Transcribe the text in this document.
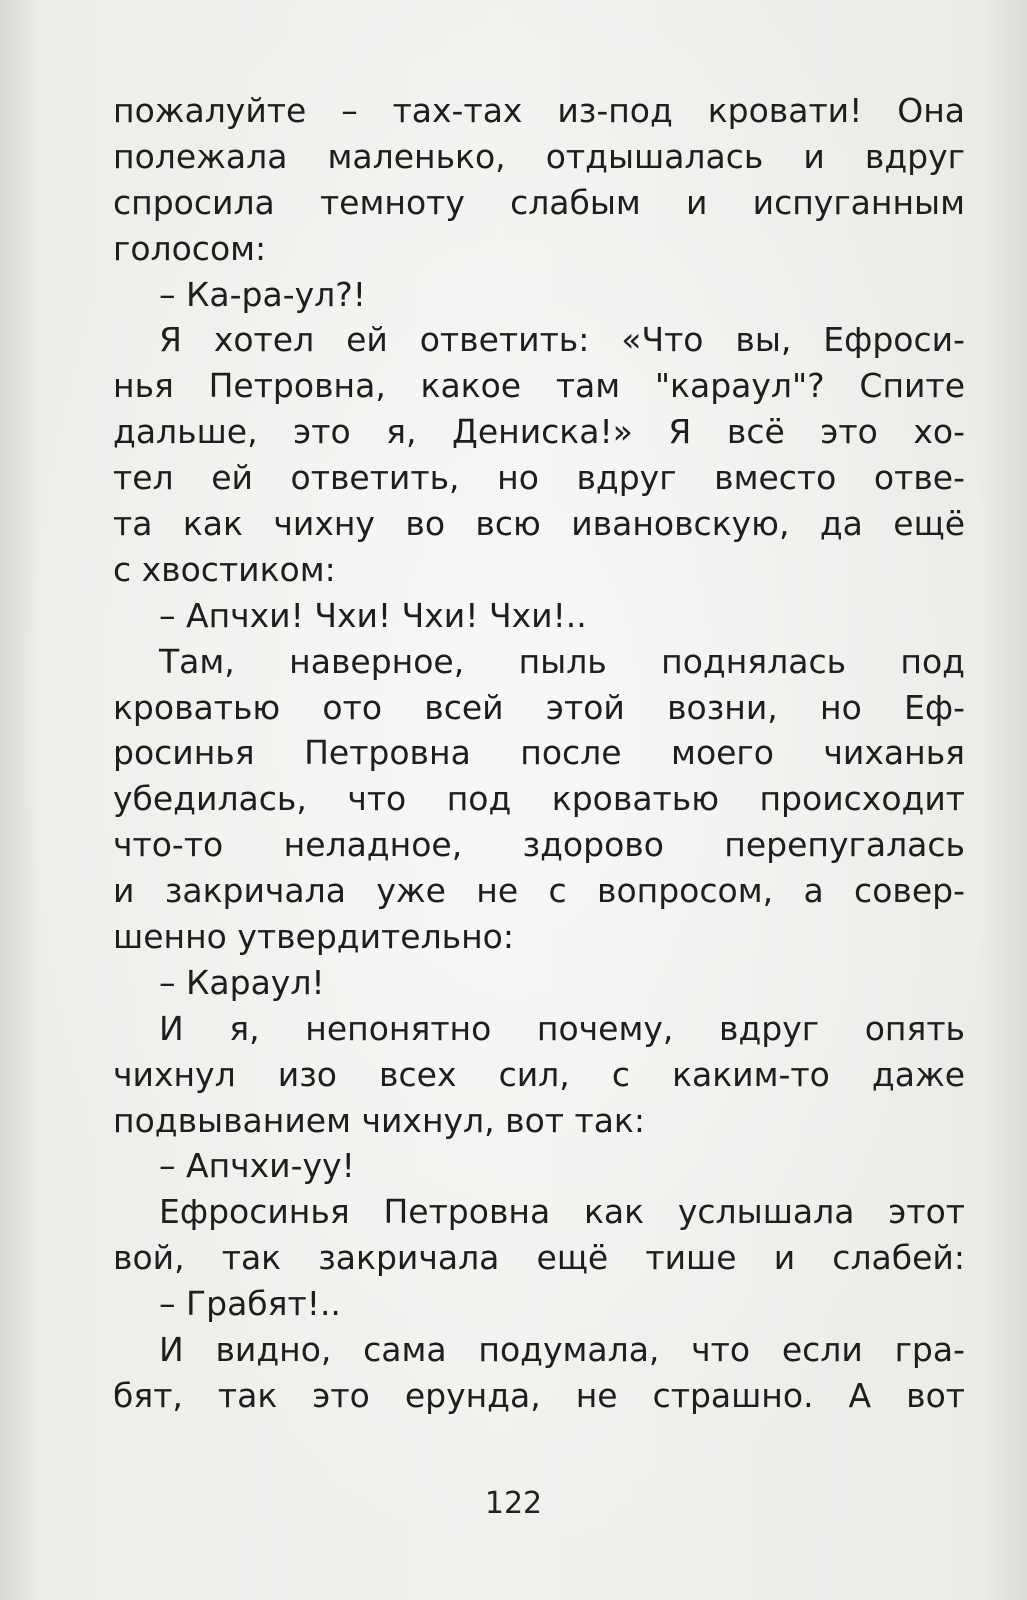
пожалуйте – тах-тах из-под кровати! Она
полежала маленько, отдышалась и вдруг
спросила темноту слабым и испуганным
голосом:
– Ка-ра-ул?!
Я хотел ей ответить: «Что вы, Ефроси-
нья Петровна, какое там "караул"? Спите
дальше, это я, Дениска!» Я всё это хо-
тел ей ответить, но вдруг вместо отве-
та как чихну во всю ивановскую, да ещё
с хвостиком:
– Апчхи! Чхи! Чхи! Чхи!..
Там, наверное, пыль поднялась под
кроватью ото всей этой возни, но Еф-
росинья Петровна после моего чиханья
убедилась, что под кроватью происходит
что-то неладное, здорово перепугалась
и закричала уже не с вопросом, а совер-
шенно утвердительно:
– Караул!
И я, непонятно почему, вдруг опять
чихнул изо всех сил, с каким-то даже
подвыванием чихнул, вот так:
– Апчхи-уу!
Ефросинья Петровна как услышала этот
вой, так закричала ещё тише и слабей:
– Грабят!..
И видно, сама подумала, что если гра-
бят, так это ерунда, не страшно. А вот
122
